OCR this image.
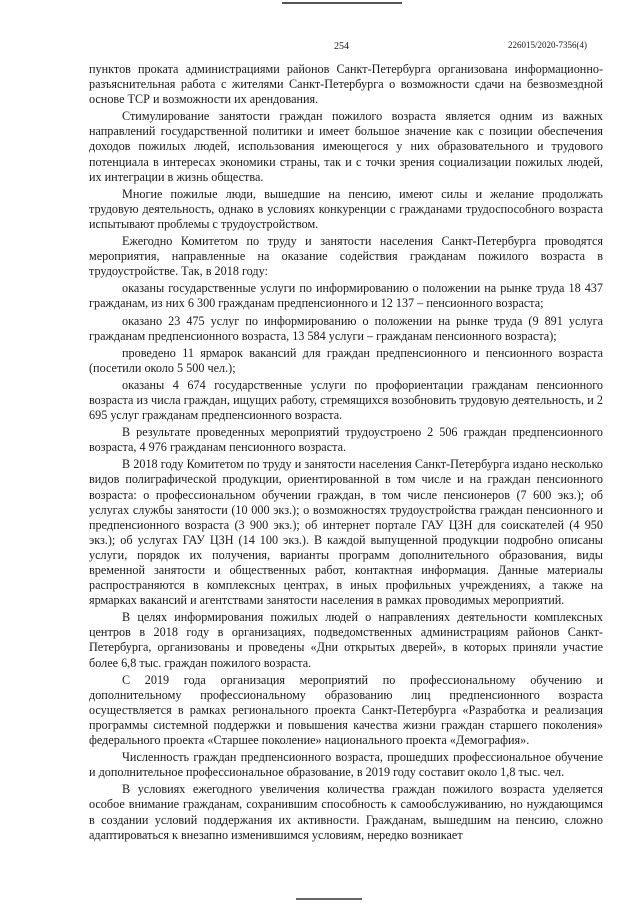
254	226015/2020-7356(4)

пунктов проката администрациями районов Санкт-Петербурга организована информационно-разъяснительная работа с жителями Санкт-Петербурга о возможности сдачи на безвозмездной основе ТСР и возможности их арендования.

Стимулирование занятости граждан пожилого возраста является одним из важных направлений государственной политики и имеет большое значение как с позиции обеспечения доходов пожилых людей, использования имеющегося у них образовательного и трудового потенциала в интересах экономики страны, так и с точки зрения социализации пожилых людей, их интеграции в жизнь общества.

Многие пожилые люди, вышедшие на пенсию, имеют силы и желание продолжать трудовую деятельность, однако в условиях конкуренции с гражданами трудоспособного возраста испытывают проблемы с трудоустройством.

Ежегодно Комитетом по труду и занятости населения Санкт-Петербурга проводятся мероприятия, направленные на оказание содействия гражданам пожилого возраста в трудоустройстве. Так, в 2018 году:

оказаны государственные услуги по информированию о положении на рынке труда 18 437 гражданам, из них 6 300 гражданам предпенсионного и 12 137 – пенсионного возраста;

оказано 23 475 услуг по информированию о положении на рынке труда (9 891 услуга гражданам предпенсионного возраста, 13 584 услуги – гражданам пенсионного возраста);

проведено 11 ярмарок вакансий для граждан предпенсионного и пенсионного возраста (посетили около 5 500 чел.);

оказаны 4 674 государственные услуги по профориентации гражданам пенсионного возраста из числа граждан, ищущих работу, стремящихся возобновить трудовую деятельность, и 2 695 услуг гражданам предпенсионного возраста.

В результате проведенных мероприятий трудоустроено 2 506 граждан предпенсионного возраста, 4 976 гражданам пенсионного возраста.

В 2018 году Комитетом по труду и занятости населения Санкт-Петербурга издано несколько видов полиграфической продукции, ориентированной в том числе и на граждан пенсионного возраста: о профессиональном обучении граждан, в том числе пенсионеров (7 600 экз.); об услугах службы занятости (10 000 экз.); о возможностях трудоустройства граждан пенсионного и предпенсионного возраста (3 900 экз.); об интернет портале ГАУ ЦЗН для соискателей (4 950 экз.); об услугах ГАУ ЦЗН (14 100 экз.). В каждой выпущенной продукции подробно описаны услуги, порядок их получения, варианты программ дополнительного образования, виды временной занятости и общественных работ, контактная информация. Данные материалы распространяются в комплексных центрах, в иных профильных учреждениях, а также на ярмарках вакансий и агентствами занятости населения в рамках проводимых мероприятий.

В целях информирования пожилых людей о направлениях деятельности комплексных центров в 2018 году в организациях, подведомственных администрациям районов Санкт-Петербурга, организованы и проведены «Дни открытых дверей», в которых приняли участие более 6,8 тыс. граждан пожилого возраста.

С 2019 года организация мероприятий по профессиональному обучению и дополнительному профессиональному образованию лиц предпенсионного возраста осуществляется в рамках регионального проекта Санкт-Петербурга «Разработка и реализация программы системной поддержки и повышения качества жизни граждан старшего поколения» федерального проекта «Старшее поколение» национального проекта «Демография».

Численность граждан предпенсионного возраста, прошедших профессиональное обучение и дополнительное профессиональное образование, в 2019 году составит около 1,8 тыс. чел.

В условиях ежегодного увеличения количества граждан пожилого возраста уделяется особое внимание гражданам, сохранившим способность к самообслуживанию, но нуждающимся в создании условий поддержания их активности. Гражданам, вышедшим на пенсию, сложно адаптироваться к внезапно изменившимся условиям, нередко возникает
